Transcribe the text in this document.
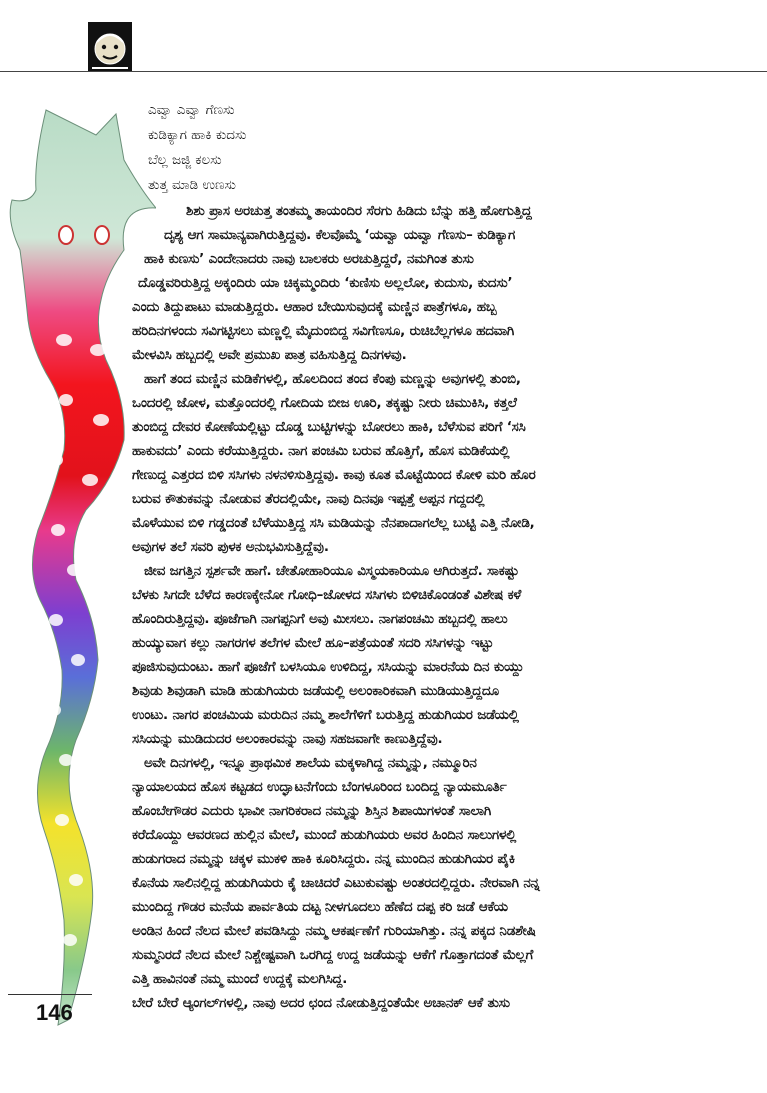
ಎವ್ವಾ ಎವ್ವಾ ಗೆಣಸು
ಕುಡಿಕ್ಯಾಗ ಹಾಕಿ ಕುದಸು
ಬೆಲ್ಲ ಜಜ್ಜಿ ಕಲಸು
ತುತ್ತ ಮಾಡಿ ಉಣಸು
ಶಿಶು ಪ್ರಾಸ ಅರಚುತ್ತ ತಂತಮ್ಮ ತಾಯಂದಿರ ಸೆರಗು ಹಿಡಿದು ಬೆನ್ನು ಹತ್ತಿ ಹೋಗುತ್ತಿದ್ದ
ದೃಶ್ಯ ಆಗ ಸಾಮಾನ್ಯವಾಗಿರುತ್ತಿದ್ದವು. ಕೆಲವೊಮ್ಮೆ ‘ಯವ್ವಾ ಯವ್ವಾ ಗೆಣಸು– ಕುಡಿಕ್ಯಾಗ
ಹಾಕಿ ಕುಣಸು’ ಎಂದೇನಾದರು ನಾವು ಬಾಲಕರು ಅರಚುತ್ತಿದ್ದರೆ, ನಮಗಿಂತ ತುಸು
ದೊಡ್ಡವರಿರುತ್ತಿದ್ದ ಅಕ್ಕಂದಿರು ಯಾ ಚಿಕ್ಕಮ್ಮಂದಿರು ‘ಕುಣಿಸು ಅಲ್ಲಲೋ, ಕುದುಸು, ಕುದಸು’
ಎಂದು ತಿದ್ದುಪಾಟು ಮಾಡುತ್ತಿದ್ದರು. ಆಹಾರ ಬೇಯಿಸುವುದಕ್ಕೆ ಮಣ್ಣಿನ ಪಾತ್ರೆಗಳೂ, ಹಬ್ಬ
ಹರಿದಿನಗಳಂದು ಸವಿಗಟ್ಟಿಸಲು ಮಣ್ಣಲ್ಲಿ ಮೈದುಂಬಿದ್ದ ಸವಿಗೆಣಸೂ, ರುಚಿಬೆಲ್ಲಗಳೂ ಹದವಾಗಿ
ಮೇಳವಿಸಿ ಹಬ್ಬದಲ್ಲಿ ಅವೇ ಪ್ರಮುಖ ಪಾತ್ರ ವಹಿಸುತ್ತಿದ್ದ ದಿನಗಳವು.
ಹಾಗೆ ತಂದ ಮಣ್ಣಿನ ಮಡಿಕೆಗಳಲ್ಲಿ, ಹೊಲದಿಂದ ತಂದ ಕೆಂಪು ಮಣ್ಣನ್ನು ಅವುಗಳಲ್ಲಿ ತುಂಬಿ,
ಒಂದರಲ್ಲಿ ಜೋಳ, ಮತ್ತೊಂದರಲ್ಲಿ ಗೋದಿಯ ಬೀಜ ಊರಿ, ತಕ್ಕಷ್ಟು ನೀರು ಚಿಮುಕಿಸಿ, ಕತ್ತಲೆ
ತುಂಬಿದ್ದ ದೇವರ ಕೋಣೆಯಲ್ಲಿಟ್ಟು ದೊಡ್ಡ ಬುಟ್ಟಿಗಳನ್ನು ಬೋರಲು ಹಾಕಿ, ಬೆಳೆಸುವ ಪರಿಗೆ ‘ಸಸಿ
ಹಾಕುವದು’ ಎಂದು ಕರೆಯುತ್ತಿದ್ದರು. ನಾಗ ಪಂಚಮಿ ಬರುವ ಹೊತ್ತಿಗೆ, ಹೊಸ ಮಡಿಕೆಯಲ್ಲಿ
ಗೇಣುದ್ದ ಎತ್ತರದ ಬಿಳಿ ಸಸಿಗಳು ನಳನಳಿಸುತ್ತಿದ್ದವು. ಕಾವು ಕೂತ ಮೊಟ್ಟೆಯಿಂದ ಕೋಳಿ ಮರಿ ಹೊರ
ಬರುವ ಕೌತುಕವನ್ನು ನೋಡುವ ತೆರದಲ್ಲಿಯೇ, ನಾವು ದಿನವೂ ಇಪ್ಪತ್ತೆ ಅಪ್ಪನ ಗದ್ದದಲ್ಲಿ
ಮೊಳೆಯುವ ಬಿಳಿ ಗಡ್ಡದಂತೆ ಬೆಳೆಯುತ್ತಿದ್ದ ಸಸಿ ಮಡಿಯನ್ನು ನೆನಪಾದಾಗಲೆಲ್ಲ ಬುಟ್ಟಿ ಎತ್ತಿ ನೋಡಿ,
ಅವುಗಳ ತಲೆ ಸವರಿ ಪುಳಕ ಅನುಭವಿಸುತ್ತಿದ್ದೆವು.
ಜೀವ ಜಗತ್ತಿನ ಸ್ಪರ್ಶವೇ ಹಾಗೆ. ಚೇತೋಹಾರಿಯೂ ವಿಸ್ಮಯಕಾರಿಯೂ ಆಗಿರುತ್ತದೆ. ಸಾಕಷ್ಟು
ಬೆಳಕು ಸಿಗದೇ ಬೆಳೆದ ಕಾರಣಕ್ಕೇನೋ ಗೋಧಿ–ಜೋಳದ ಸಸಿಗಳು ಬಿಳಿಚಿಕೊಂಡಂತೆ ವಿಶೇಷ ಕಳೆ
ಹೊಂದಿರುತ್ತಿದ್ದವು. ಪೂಜೆಗಾಗಿ ನಾಗಪ್ಪನಿಗೆ ಅವು ಮೀಸಲು. ನಾಗಪಂಚಮಿ ಹಬ್ಬದಲ್ಲಿ ಹಾಲು
ಹುಯ್ಯುವಾಗ ಕಲ್ಲು ನಾಗರಗಳ ತಲೆಗಳ ಮೇಲೆ ಹೂ–ಪತ್ರೆಯಂತೆ ಸದರಿ ಸಸಿಗಳನ್ನು ಇಟ್ಟು
ಪೂಜಿಸುವುದುಂಟು. ಹಾಗೆ ಪೂಜೆಗೆ ಬಳಸಿಯೂ ಉಳಿದಿದ್ದ, ಸಸಿಯನ್ನು ಮಾರನೆಯ ದಿನ ಕುಯ್ದು
ಶಿವುಡು ಶಿವುಡಾಗಿ ಮಾಡಿ ಹುಡುಗಿಯರು ಜಡೆಯಲ್ಲಿ ಅಲಂಕಾರಿಕವಾಗಿ ಮುಡಿಯುತ್ತಿದ್ದದೂ
ಉಂಟು. ನಾಗರ ಪಂಚಮಿಯ ಮರುದಿನ ನಮ್ಮ ಶಾಲೆಗೆಳಿಗೆ ಬರುತ್ತಿದ್ದ ಹುಡುಗಿಯರ ಜಡೆಯಲ್ಲಿ
ಸಸಿಯನ್ನು ಮುಡಿದುದರ ಅಲಂಕಾರವನ್ನು ನಾವು ಸಹಜವಾಗೇ ಕಾಣುತ್ತಿದ್ದೆವು.
ಅವೇ ದಿನಗಳಲ್ಲಿ, ಇನ್ನೂ ಪ್ರಾಥಮಿಕ ಶಾಲೆಯ ಮಕ್ಕಳಾಗಿದ್ದ ನಮ್ಮನ್ನು, ನಮ್ಮೂರಿನ
ನ್ಯಾಯಾಲಯದ ಹೊಸ ಕಟ್ಟಡದ ಉದ್ಘಾಟನೆಗೆಂದು ಬೆಂಗಳೂರಿಂದ ಬಂದಿದ್ದ ನ್ಯಾಯಮೂರ್ತಿ
ಹೊಂಬೇಗೌಡರ ಎದುರು ಭಾವೀ ನಾಗರಿಕರಾದ ನಮ್ಮನ್ನು ಶಿಸ್ತಿನ ಶಿಪಾಯಿಗಳಂತೆ ಸಾಲಾಗಿ
ಕರೆದೊಯ್ದು ಆವರಣದ ಹುಲ್ಲಿನ ಮೇಲೆ, ಮುಂದೆ ಹುಡುಗಿಯರು ಅವರ ಹಿಂದಿನ ಸಾಲುಗಳಲ್ಲಿ
ಹುಡುಗರಾದ ನಮ್ಮನ್ನು ಚಕ್ಕಳ ಮುಕಳಿ ಹಾಕಿ ಕೂರಿಸಿದ್ದರು. ನನ್ನ ಮುಂದಿನ ಹುಡುಗಿಯರ ಪೈಕಿ
ಕೊನೆಯ ಸಾಲಿನಲ್ಲಿದ್ದ ಹುಡುಗಿಯರು ಕೈ ಚಾಚಿದರೆ ಎಟುಕುವಷ್ಟು ಅಂತರದಲ್ಲಿದ್ದರು. ನೇರವಾಗಿ ನನ್ನ
ಮುಂದಿದ್ದ ಗೌಡರ ಮನೆಯ ಪಾರ್ವತಿಯ ದಟ್ಟ ನೀಳಗೂದಲು ಹೆಣೆದ ದಪ್ಪ ಕರಿ ಜಡೆ ಆಕೆಯ
ಅಂಡಿನ ಹಿಂದೆ ನೆಲದ ಮೇಲೆ ಪವಡಿಸಿದ್ದು ನಮ್ಮ ಆಕರ್ಷಣೆಗೆ ಗುರಿಯಾಗಿತ್ತು. ನನ್ನ ಪಕ್ಕದ ನಿಡಶೇಷಿ
ಸುಮ್ಮನಿರದೆ ನೆಲದ ಮೇಲೆ ನಿಶ್ಚೇಷ್ಟವಾಗಿ ಒರಗಿದ್ದ ಉದ್ದ ಜಡೆಯನ್ನು ಆಕೆಗೆ ಗೊತ್ತಾಗದಂತೆ ಮೆಲ್ಲಗೆ
ಎತ್ತಿ ಹಾವಿನಂತೆ ನಮ್ಮ ಮುಂದೆ ಉದ್ದಕ್ಕೆ ಮಲಗಿಸಿದ್ದ.
ಬೇರೆ ಬೇರೆ ಆ್ಯಂಗಲ್‌ಗಳಲ್ಲಿ, ನಾವು ಅದರ ಛಂದ ನೋಡುತ್ತಿದ್ದಂತೆಯೇ ಅಚಾನಕ್ ಆಕೆ ತುಸು
146
